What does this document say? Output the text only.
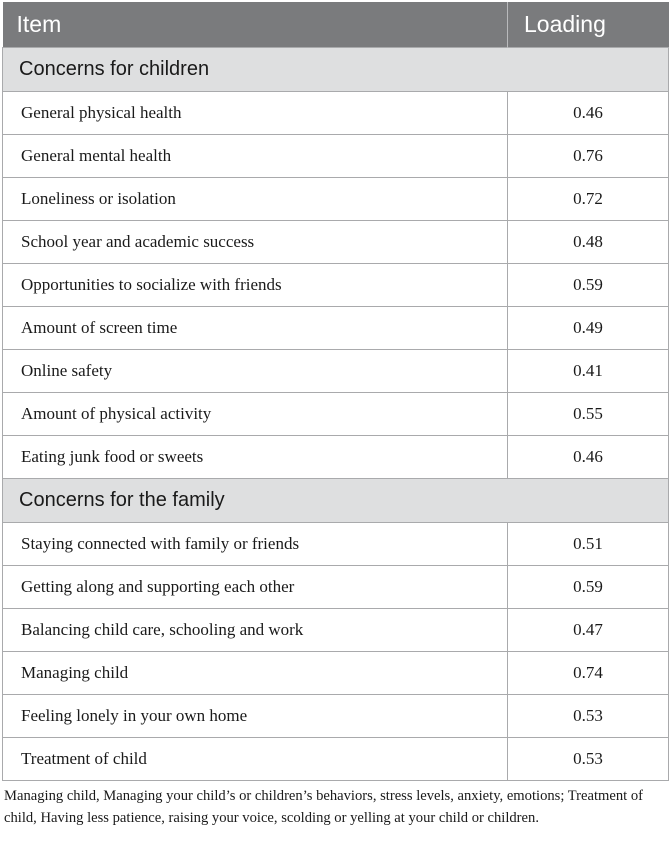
Item	Loading
Concerns for children	
General physical health	0.46
General mental health	0.76
Loneliness or isolation	0.72
School year and academic success	0.48
Opportunities to socialize with friends	0.59
Amount of screen time	0.49
Online safety	0.41
Amount of physical activity	0.55
Eating junk food or sweets	0.46
Concerns for the family	
Staying connected with family or friends	0.51
Getting along and supporting each other	0.59
Balancing child care, schooling and work	0.47
Managing child	0.74
Feeling lonely in your own home	0.53
Treatment of child	0.53

Managing child, Managing your child’s or children’s behaviors, stress levels, anxiety, emotions; Treatment of child, Having less patience, raising your voice, scolding or yelling at your child or children.
